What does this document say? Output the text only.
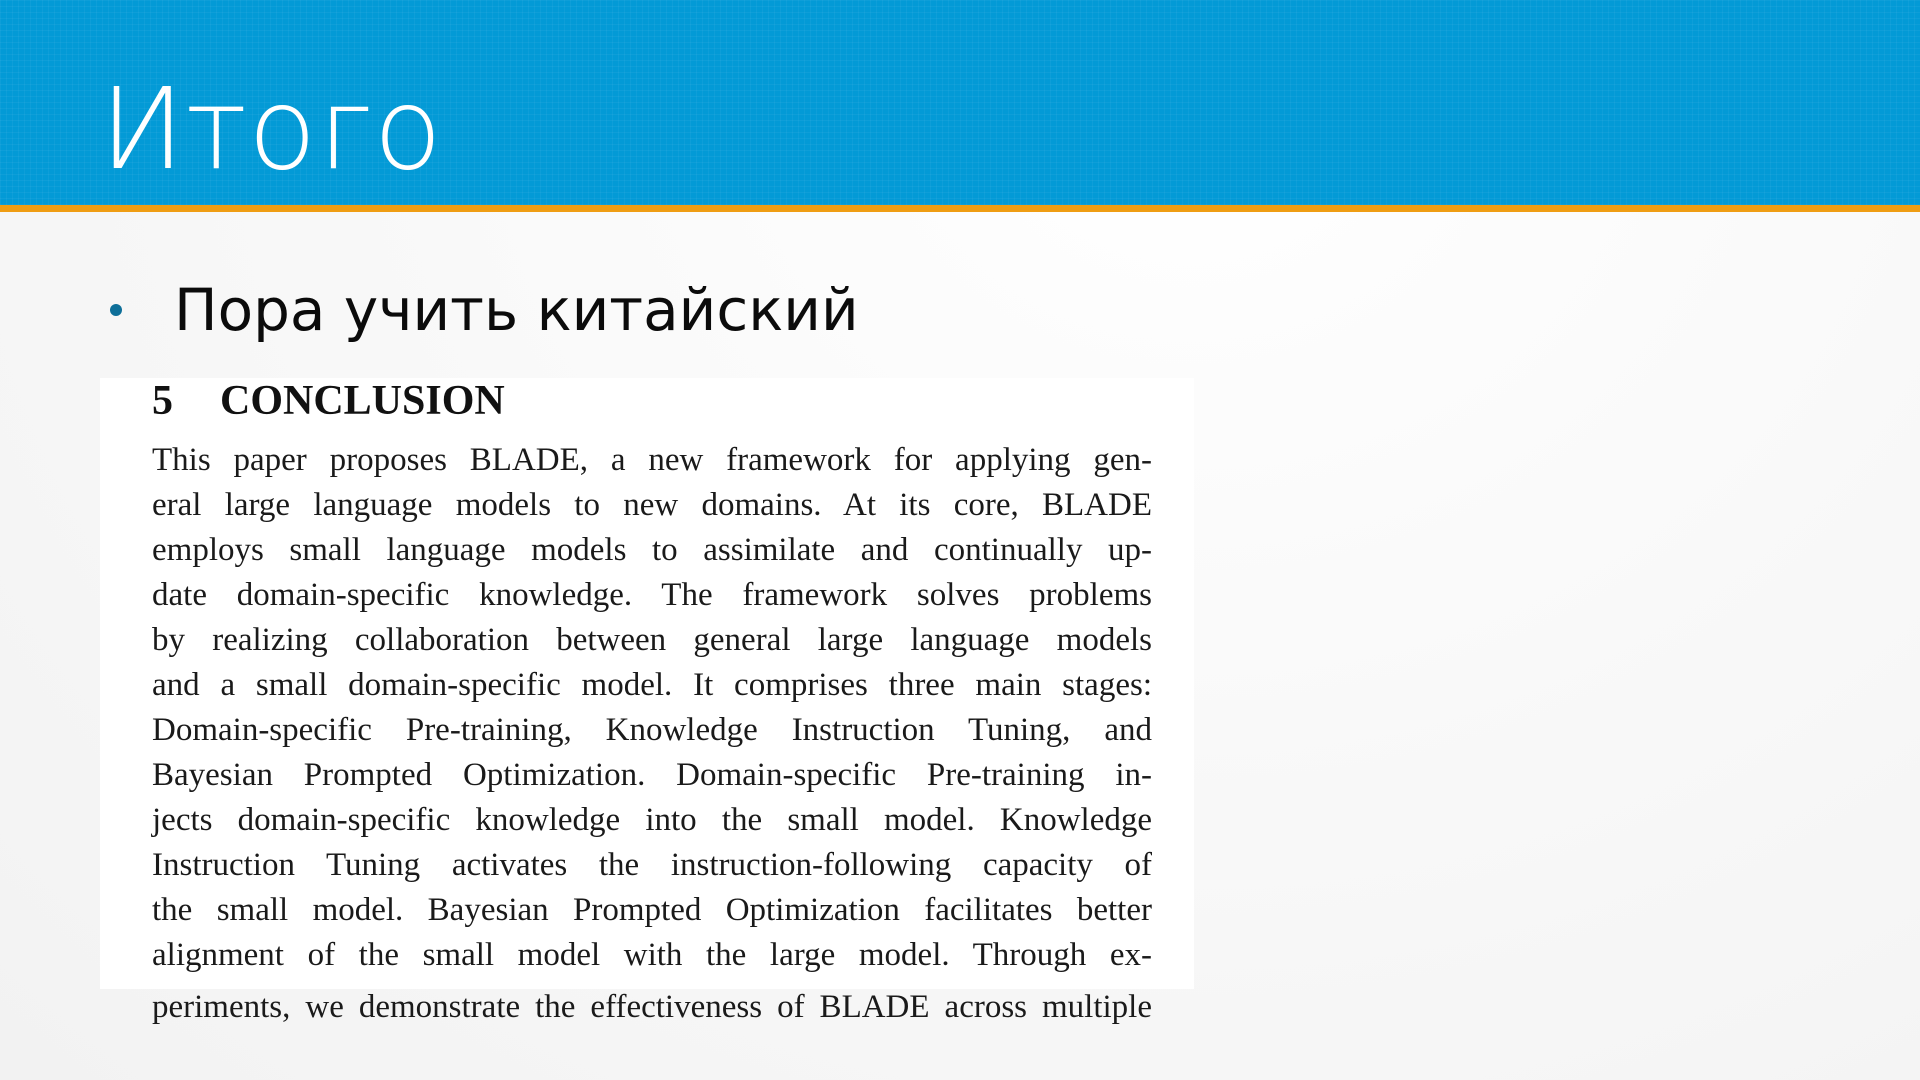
Итого
Пора учить китайский
5 CONCLUSION
This paper proposes BLADE, a new framework for applying gen-
eral large language models to new domains. At its core, BLADE
employs small language models to assimilate and continually up-
date domain-specific knowledge. The framework solves problems
by realizing collaboration between general large language models
and a small domain-specific model. It comprises three main stages:
Domain-specific Pre-training, Knowledge Instruction Tuning, and
Bayesian Prompted Optimization. Domain-specific Pre-training in-
jects domain-specific knowledge into the small model. Knowledge
Instruction Tuning activates the instruction-following capacity of
the small model. Bayesian Prompted Optimization facilitates better
alignment of the small model with the large model. Through ex-
periments, we demonstrate the effectiveness of BLADE across multiple
